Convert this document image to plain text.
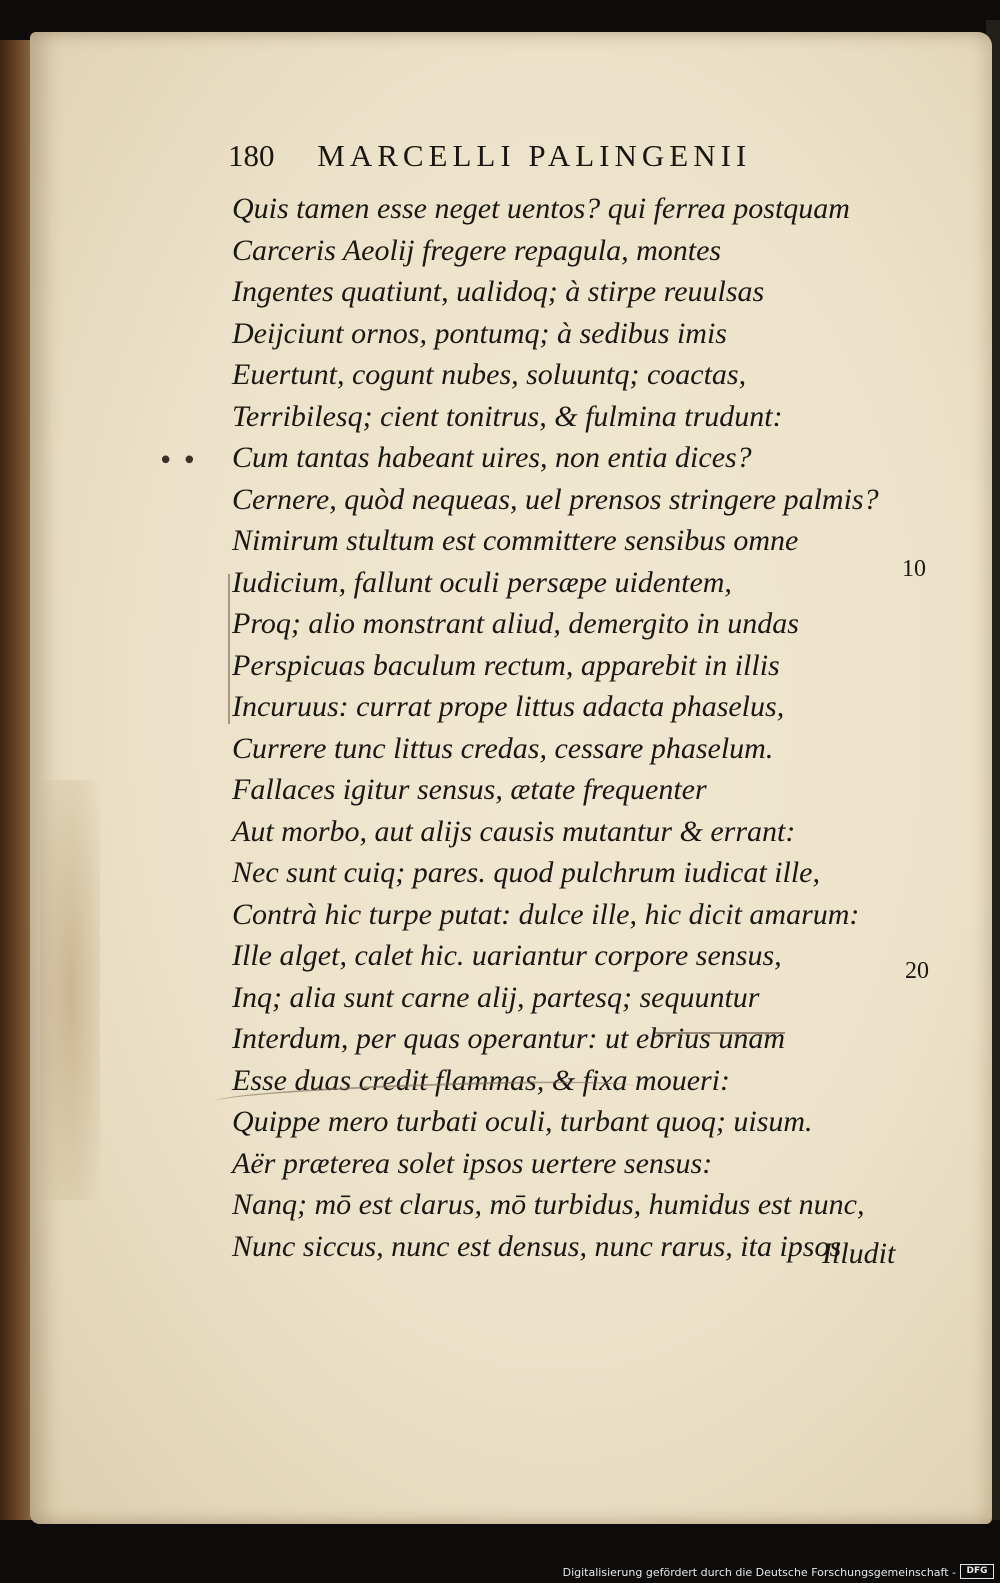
180 MARCELLI PALINGENII
Quis tamen esse neget uentos? qui ferrea postquam
Carceris Aeolij fregere repagula, montes
Ingentes quatiunt, ualidoq; à stirpe reuulsas
Deijciunt ornos, pontumq; à sedibus imis
Euertunt, cogunt nubes, soluuntq; coactas,
Terribilesq; cient tonitrus, & fulmina trudunt:
Cum tantas habeant uires, non entia dices?
Cernere, quòd nequeas, uel prensos stringere palmis?
Nimirum stultum est committere sensibus omne
Iudicium, fallunt oculi persæpe uidentem,
Proq; alio monstrant aliud, demergito in undas
Perspicuas baculum rectum, apparebit in illis
Incuruus: currat prope littus adacta phaselus,
Currere tunc littus credas, cessare phaselum.
Fallaces igitur sensus, ætate frequenter
Aut morbo, aut alijs causis mutantur & errant:
Nec sunt cuiq; pares. quod pulchrum iudicat ille,
Contrà hic turpe putat: dulce ille, hic dicit amarum:
Ille alget, calet hic. uariantur corpore sensus,
Inq; alia sunt carne alij, partesq; sequuntur
Interdum, per quas operantur: ut ebrius unam
Esse duas credit flammas, & fixa moueri:
Quippe mero turbati oculi, turbant quoq; uisum.
Aër præterea solet ipsos uertere sensus:
Nanq; mō est clarus, mō turbidus, humidus est nunc,
Nunc siccus, nunc est densus, nunc rarus, ita ipsos
• •
10
20
Illudit
Digitalisierung gefördert durch die Deutsche Forschungsgemeinschaft -	DFG
